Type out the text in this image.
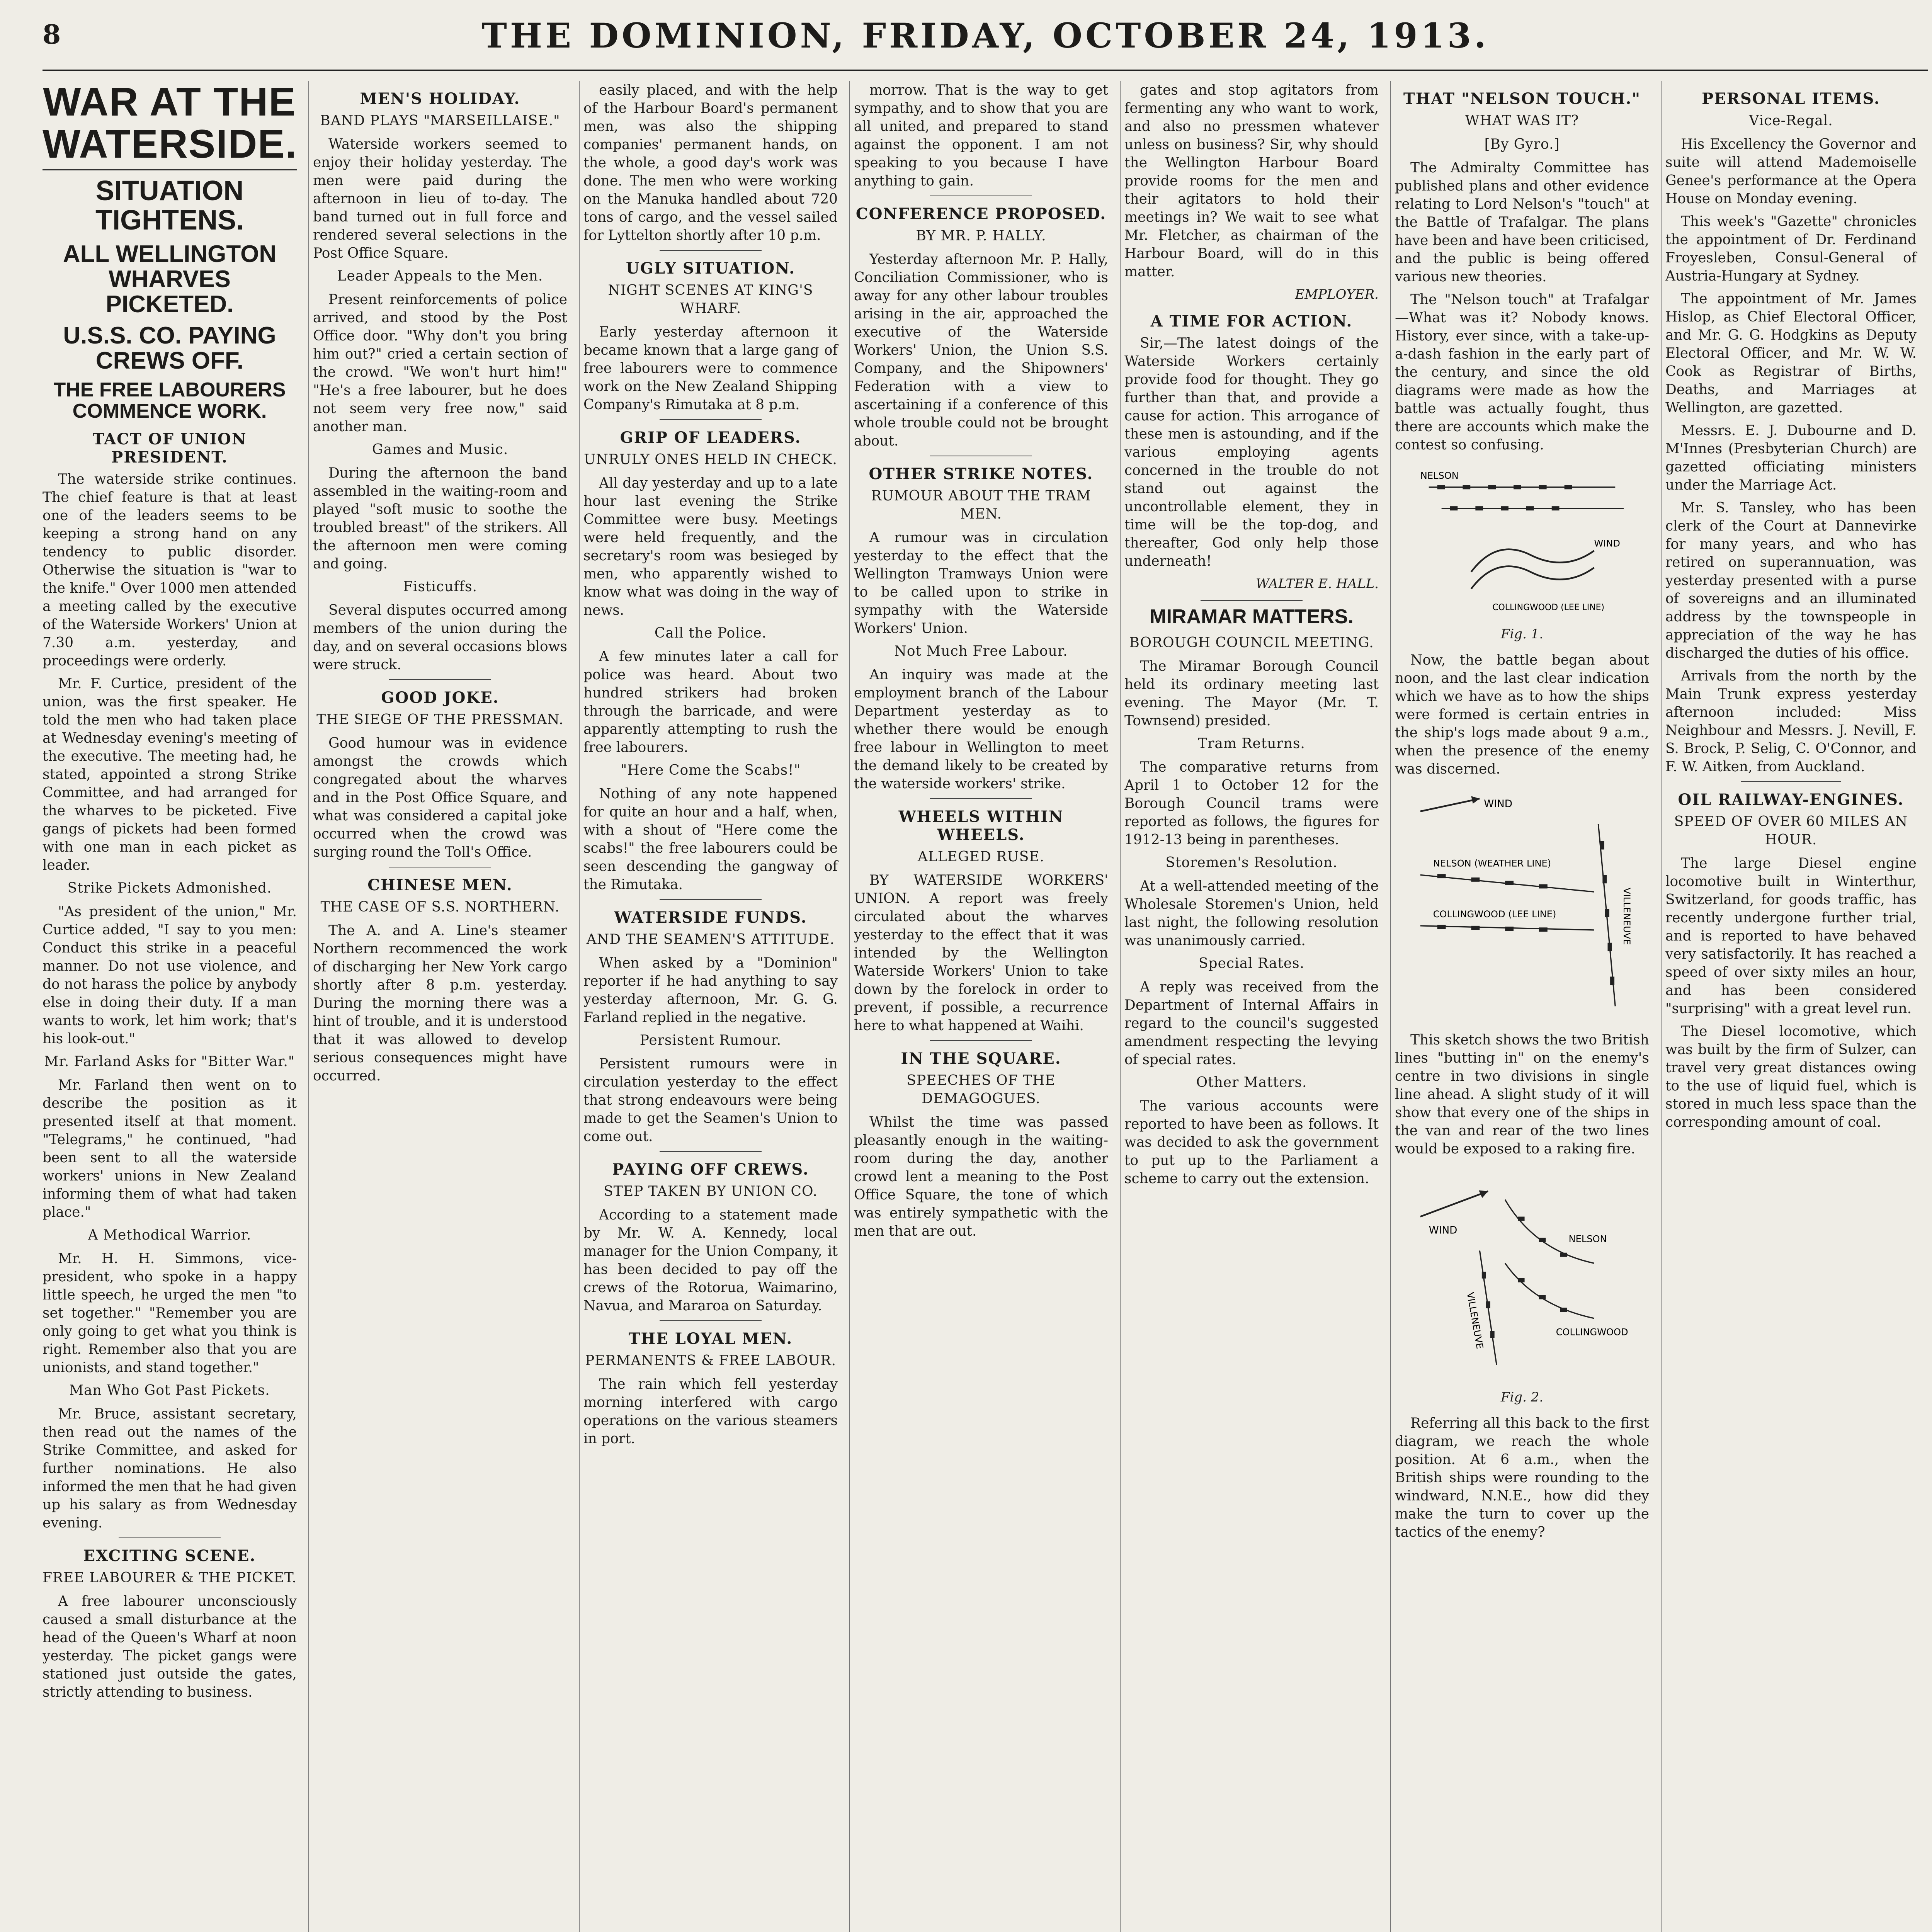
8	THE DOMINION, FRIDAY, OCTOBER 24, 1913.
WAR AT THE WATERSIDE.
SITUATION TIGHTENS.
ALL WELLINGTON WHARVES PICKETED.
U.S.S. CO. PAYING CREWS OFF.
THE FREE LABOURERS COMMENCE WORK.
TACT OF UNION PRESIDENT.

The waterside strike continues. The chief feature is that at least one of the leaders seems to be keeping a strong hand on any tendency to public disorder. Otherwise the situation is "war to the knife." Over 1000 men attended a meeting called by the executive of the Waterside Workers' Union at 7.30 a.m. yesterday, and proceedings were orderly.

Mr. F. Curtice, president of the union, was the first speaker. He told the men who had taken place at Wednesday evening's meeting of the executive. The meeting had, he stated, appointed a strong Strike Committee, and had arranged for the wharves to be picketed. Five gangs of pickets had been formed with one man in each picket as leader.

Strike Pickets Admonished.

"As president of the union," Mr. Curtice added, "I say to you men: Conduct this strike in a peaceful manner. Do not use violence, and do not harass the police by anybody else in doing their duty. If a man wants to work, let him work; that's his look-out."

Mr. Farland Asks for "Bitter War."

Mr. Farland then went on to describe the position as it presented itself at that moment. "Telegrams," he continued, "had been sent to all the waterside workers' unions in New Zealand informing them of what had taken place."

A Methodical Warrior.

Mr. H. H. Simmons, vice-president, who spoke in a happy little speech, he urged the men "to set together." "Remember you are only going to get what you think is right. Remember also that you are unionists, and stand together."

Man Who Got Past Pickets.

Mr. Bruce, assistant secretary, then read out the names of the Strike Committee, and asked for further nominations. He also informed the men that he had given up his salary as from Wednesday evening.

EXCITING SCENE.
FREE LABOURER & THE PICKET.

A free labourer unconsciously caused a small disturbance at the head of the Queen's Wharf at noon yesterday. The picket gangs were stationed just outside the gates, strictly attending to business.

MEN'S HOLIDAY.
BAND PLAYS "MARSEILLAISE."

Waterside workers seemed to enjoy their holiday yesterday. The men were paid during the afternoon in lieu of to-day. The band turned out in full force and rendered several selections in the Post Office Square.

Leader Appeals to the Men.

Present reinforcements of police arrived, and stood by the Post Office door. "Why don't you bring him out?" cried a certain section of the crowd. "We won't hurt him!" "He's a free labourer, but he does not seem very free now," said another man.

Games and Music.

During the afternoon the band assembled in the waiting-room and played "soft music to soothe the troubled breast" of the strikers. All the afternoon men were coming and going.

Fisticuffs.

Several disputes occurred among members of the union during the day, and on several occasions blows were struck.

GOOD JOKE.
THE SIEGE OF THE PRESSMAN.

Good humour was in evidence amongst the crowds which congregated about the wharves and in the Post Office Square, and what was considered a capital joke occurred when the crowd was surging round the Toll's Office.

CHINESE MEN.
THE CASE OF S.S. NORTHERN.

The A. and A. Line's steamer Northern recommenced the work of discharging her New York cargo shortly after 8 p.m. yesterday. During the morning there was a hint of trouble, and it is understood that it was allowed to develop serious consequences might have occurred.

easily placed, and with the help of the Harbour Board's permanent men, was also the shipping companies' permanent hands, on the whole, a good day's work was done. The men who were working on the Manuka handled about 720 tons of cargo, and the vessel sailed for Lyttelton shortly after 10 p.m.

UGLY SITUATION.
NIGHT SCENES AT KING'S WHARF.

Early yesterday afternoon it became known that a large gang of free labourers were to commence work on the New Zealand Shipping Company's Rimutaka at 8 p.m.

GRIP OF LEADERS.
UNRULY ONES HELD IN CHECK.

All day yesterday and up to a late hour last evening the Strike Committee were busy. Meetings were held frequently, and the secretary's room was besieged by men, who apparently wished to know what was doing in the way of news.

Call the Police.

A few minutes later a call for police was heard. About two hundred strikers had broken through the barricade, and were apparently attempting to rush the free labourers.

"Here Come the Scabs!"

Nothing of any note happened for quite an hour and a half, when, with a shout of "Here come the scabs!" the free labourers could be seen descending the gangway of the Rimutaka.

WATERSIDE FUNDS.
AND THE SEAMEN'S ATTITUDE.

When asked by a "Dominion" reporter if he had anything to say yesterday afternoon, Mr. G. G. Farland replied in the negative.

Persistent Rumour.

Persistent rumours were in circulation yesterday to the effect that strong endeavours were being made to get the Seamen's Union to come out.

PAYING OFF CREWS.
STEP TAKEN BY UNION CO.

According to a statement made by Mr. W. A. Kennedy, local manager for the Union Company, it has been decided to pay off the crews of the Rotorua, Waimarino, Navua, and Mararoa on Saturday.

THE LOYAL MEN.
PERMANENTS & FREE LABOUR.

The rain which fell yesterday morning interfered with cargo operations on the various steamers in port.

morrow. That is the way to get sympathy, and to show that you are all united, and prepared to stand against the opponent. I am not speaking to you because I have anything to gain.

CONFERENCE PROPOSED.
BY MR. P. HALLY.

Yesterday afternoon Mr. P. Hally, Conciliation Commissioner, who is away for any other labour troubles arising in the air, approached the executive of the Waterside Workers' Union, the Union S.S. Company, and the Shipowners' Federation with a view to ascertaining if a conference of this whole trouble could not be brought about.

OTHER STRIKE NOTES.
RUMOUR ABOUT THE TRAM MEN.

A rumour was in circulation yesterday to the effect that the Wellington Tramways Union were to be called upon to strike in sympathy with the Waterside Workers' Union.

Not Much Free Labour.

An inquiry was made at the employment branch of the Labour Department yesterday as to whether there would be enough free labour in Wellington to meet the demand likely to be created by the waterside workers' strike.

WHEELS WITHIN WHEELS.
ALLEGED RUSE.

BY WATERSIDE WORKERS' UNION. A report was freely circulated about the wharves yesterday to the effect that it was intended by the Wellington Waterside Workers' Union to take down by the forelock in order to prevent, if possible, a recurrence here to what happened at Waihi.

IN THE SQUARE.
SPEECHES OF THE DEMAGOGUES.

Whilst the time was passed pleasantly enough in the waiting-room during the day, another crowd lent a meaning to the Post Office Square, the tone of which was entirely sympathetic with the men that are out.

gates and stop agitators from fermenting any who want to work, and also no pressmen whatever unless on business? Sir, why should the Wellington Harbour Board provide rooms for the men and their agitators to hold their meetings in? We wait to see what Mr. Fletcher, as chairman of the Harbour Board, will do in this matter.

EMPLOYER.
A TIME FOR ACTION.

Sir,—The latest doings of the Waterside Workers certainly provide food for thought. They go further than that, and provide a cause for action. This arrogance of these men is astounding, and if the various employing agents concerned in the trouble do not stand out against the uncontrollable element, they in time will be the top-dog, and thereafter, God only help those underneath!

WALTER E. HALL.
MIRAMAR MATTERS.
BOROUGH COUNCIL MEETING.

The Miramar Borough Council held its ordinary meeting last evening. The Mayor (Mr. T. Townsend) presided.

Tram Returns.

The comparative returns from April 1 to October 12 for the Borough Council trams were reported as follows, the figures for 1912-13 being in parentheses.

Storemen's Resolution.

At a well-attended meeting of the Wholesale Storemen's Union, held last night, the following resolution was unanimously carried.

Special Rates.

A reply was received from the Department of Internal Affairs in regard to the council's suggested amendment respecting the levying of special rates.

Other Matters.

The various accounts were reported to have been as follows. It was decided to ask the government to put up to the Parliament a scheme to carry out the extension.

THAT "NELSON TOUCH."
WHAT WAS IT?
[By Gyro.]

The Admiralty Committee has published plans and other evidence relating to Lord Nelson's "touch" at the Battle of Trafalgar. The plans have been and have been criticised, and the public is being offered various new theories.

The "Nelson touch" at Trafalgar—What was it? Nobody knows. History, ever since, with a take-up-a-dash fashion in the early part of the century, and since the old diagrams were made as how the battle was actually fought, thus there are accounts which make the contest so confusing.

NELSON
WIND
COLLINGWOOD (LEE LINE)
Fig. 1.

Now, the battle began about noon, and the last clear indication which we have as to how the ships were formed is certain entries in the ship's logs made about 9 a.m., when the presence of the enemy was discerned.

WIND
NELSON (WEATHER LINE)
COLLINGWOOD (LEE LINE)	VILLENEUVE

This sketch shows the two British lines "butting in" on the enemy's centre in two divisions in single line ahead. A slight study of it will show that every one of the ships in the van and rear of the two lines would be exposed to a raking fire.

WIND
NELSON
COLLINGWOOD
VILLENEUVE
Fig. 2.

Referring all this back to the first diagram, we reach the whole position. At 6 a.m., when the British ships were rounding to the windward, N.N.E., how did they make the turn to cover up the tactics of the enemy?

PERSONAL ITEMS.
Vice-Regal.

His Excellency the Governor and suite will attend Mademoiselle Genee's performance at the Opera House on Monday evening.

This week's "Gazette" chronicles the appointment of Dr. Ferdinand Froyesleben, Consul-General of Austria-Hungary at Sydney.

The appointment of Mr. James Hislop, as Chief Electoral Officer, and Mr. G. G. Hodgkins as Deputy Electoral Officer, and Mr. W. W. Cook as Registrar of Births, Deaths, and Marriages at Wellington, are gazetted.

Messrs. E. J. Dubourne and D. M'Innes (Presbyterian Church) are gazetted officiating ministers under the Marriage Act.

Mr. S. Tansley, who has been clerk of the Court at Dannevirke for many years, and who has retired on superannuation, was yesterday presented with a purse of sovereigns and an illuminated address by the townspeople in appreciation of the way he has discharged the duties of his office.

Arrivals from the north by the Main Trunk express yesterday afternoon included: Miss Neighbour and Messrs. J. Nevill, F. S. Brock, P. Selig, C. O'Connor, and F. W. Aitken, from Auckland.

OIL RAILWAY-ENGINES.
SPEED OF OVER 60 MILES AN HOUR.

The large Diesel engine locomotive built in Winterthur, Switzerland, for goods traffic, has recently undergone further trial, and is reported to have behaved very satisfactorily. It has reached a speed of over sixty miles an hour, and has been considered "surprising" with a great level run.

The Diesel locomotive, which was built by the firm of Sulzer, can travel very great distances owing to the use of liquid fuel, which is stored in much less space than the corresponding amount of coal.
